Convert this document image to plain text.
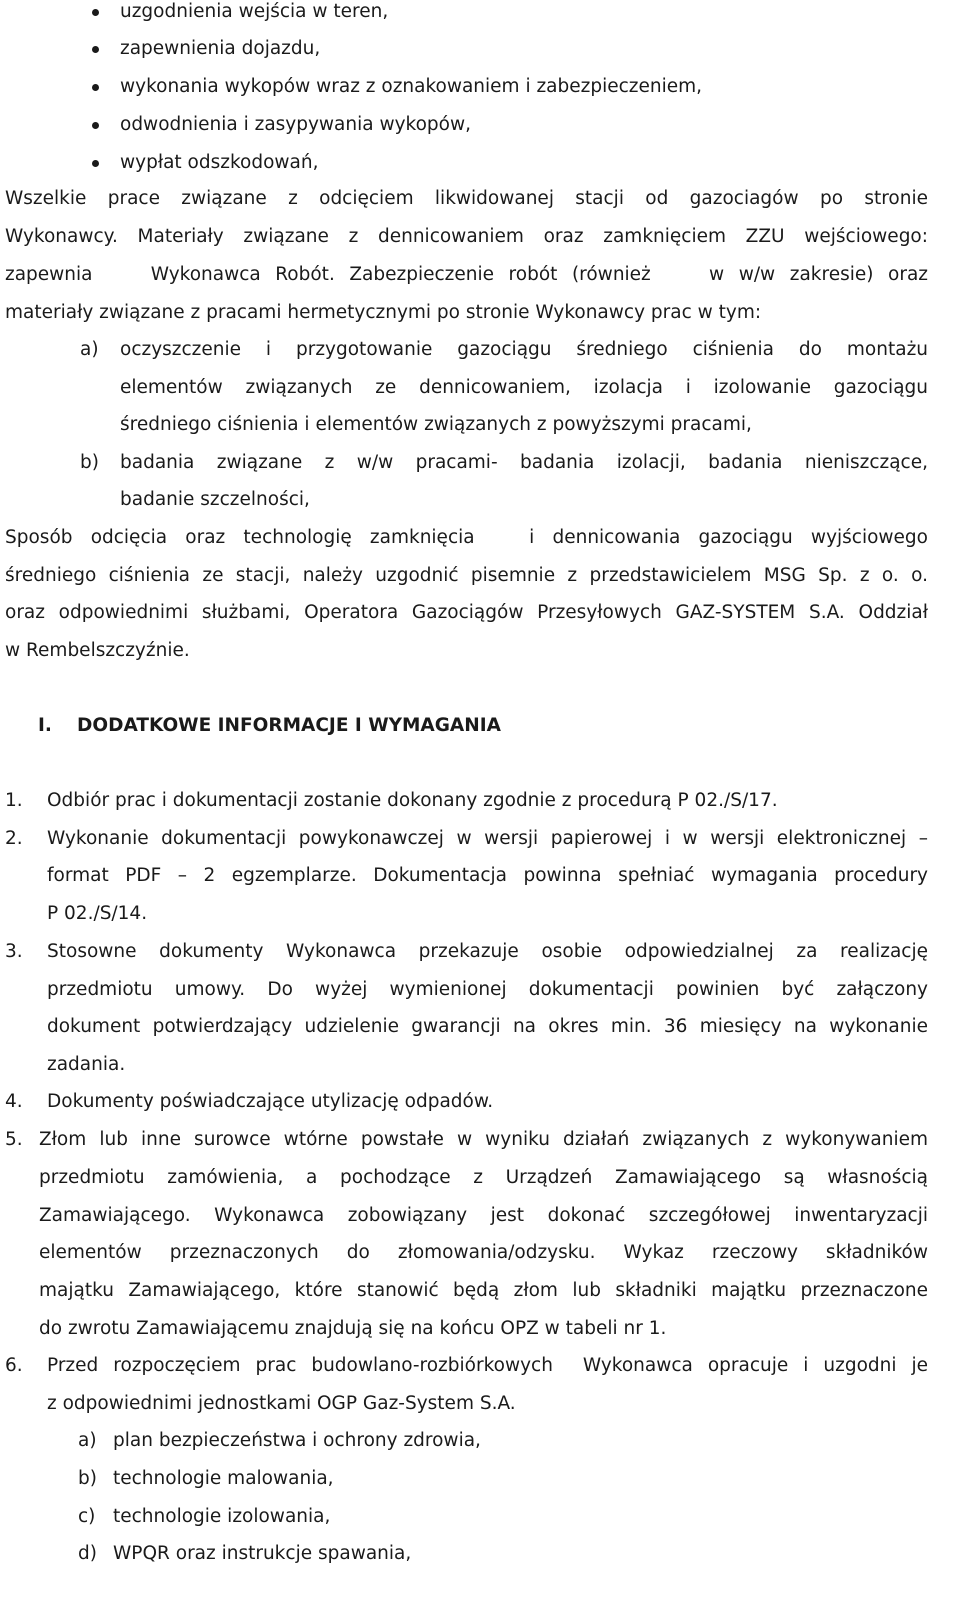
uzgodnienia wejścia w teren,
zapewnienia dojazdu,
wykonania wykopów wraz z oznakowaniem i zabezpieczeniem,
odwodnienia i zasypywania wykopów,
wypłat odszkodowań,
Wszelkie prace związane z odcięciem likwidowanej stacji od gazociagów po stronie
Wykonawcy. Materiały związane z dennicowaniem oraz zamknięciem ZZU wejściowego:
zapewnia    Wykonawca Robót. Zabezpieczenie robót (również    w w/w zakresie) oraz
materiały związane z pracami hermetycznymi po stronie Wykonawcy prac w tym:
a) oczyszczenie i przygotowanie gazociągu średniego ciśnienia do montażu
elementów związanych ze dennicowaniem, izolacja i izolowanie gazociągu
średniego ciśnienia i elementów związanych z powyższymi pracami,
b) badania związane z w/w pracami- badania izolacji, badania nieniszczące,
badanie szczelności,
Sposób odcięcia oraz technologię zamknięcia   i dennicowania gazociągu wyjściowego
średniego ciśnienia ze stacji, należy uzgodnić pisemnie z przedstawicielem MSG Sp. z o. o.
oraz odpowiednimi służbami, Operatora Gazociągów Przesyłowych GAZ-SYSTEM S.A. Oddział
w Rembelszczyźnie.
I. DODATKOWE INFORMACJE I WYMAGANIA
1. Odbiór prac i dokumentacji zostanie dokonany zgodnie z procedurą P 02./S/17.
2. Wykonanie dokumentacji powykonawczej w wersji papierowej i w wersji elektronicznej –
format PDF – 2 egzemplarze. Dokumentacja powinna spełniać wymagania procedury
P 02./S/14.
3. Stosowne dokumenty Wykonawca przekazuje osobie odpowiedzialnej za realizację
przedmiotu umowy. Do wyżej wymienionej dokumentacji powinien być załączony
dokument potwierdzający udzielenie gwarancji na okres min. 36 miesięcy na wykonanie
zadania.
4. Dokumenty poświadczające utylizację odpadów.
5. Złom lub inne surowce wtórne powstałe w wyniku działań związanych z wykonywaniem
przedmiotu zamówienia, a pochodzące z Urządzeń Zamawiającego są własnością
Zamawiającego. Wykonawca zobowiązany jest dokonać szczegółowej inwentaryzacji
elementów przeznaczonych do złomowania/odzysku. Wykaz rzeczowy składników
majątku Zamawiającego, które stanowić będą złom lub składniki majątku przeznaczone
do zwrotu Zamawiającemu znajdują się na końcu OPZ w tabeli nr 1.
6. Przed rozpoczęciem prac budowlano-rozbiórkowych  Wykonawca opracuje i uzgodni je
z odpowiednimi jednostkami OGP Gaz-System S.A.
a) plan bezpieczeństwa i ochrony zdrowia,
b) technologie malowania,
c) technologie izolowania,
d) WPQR oraz instrukcje spawania,
